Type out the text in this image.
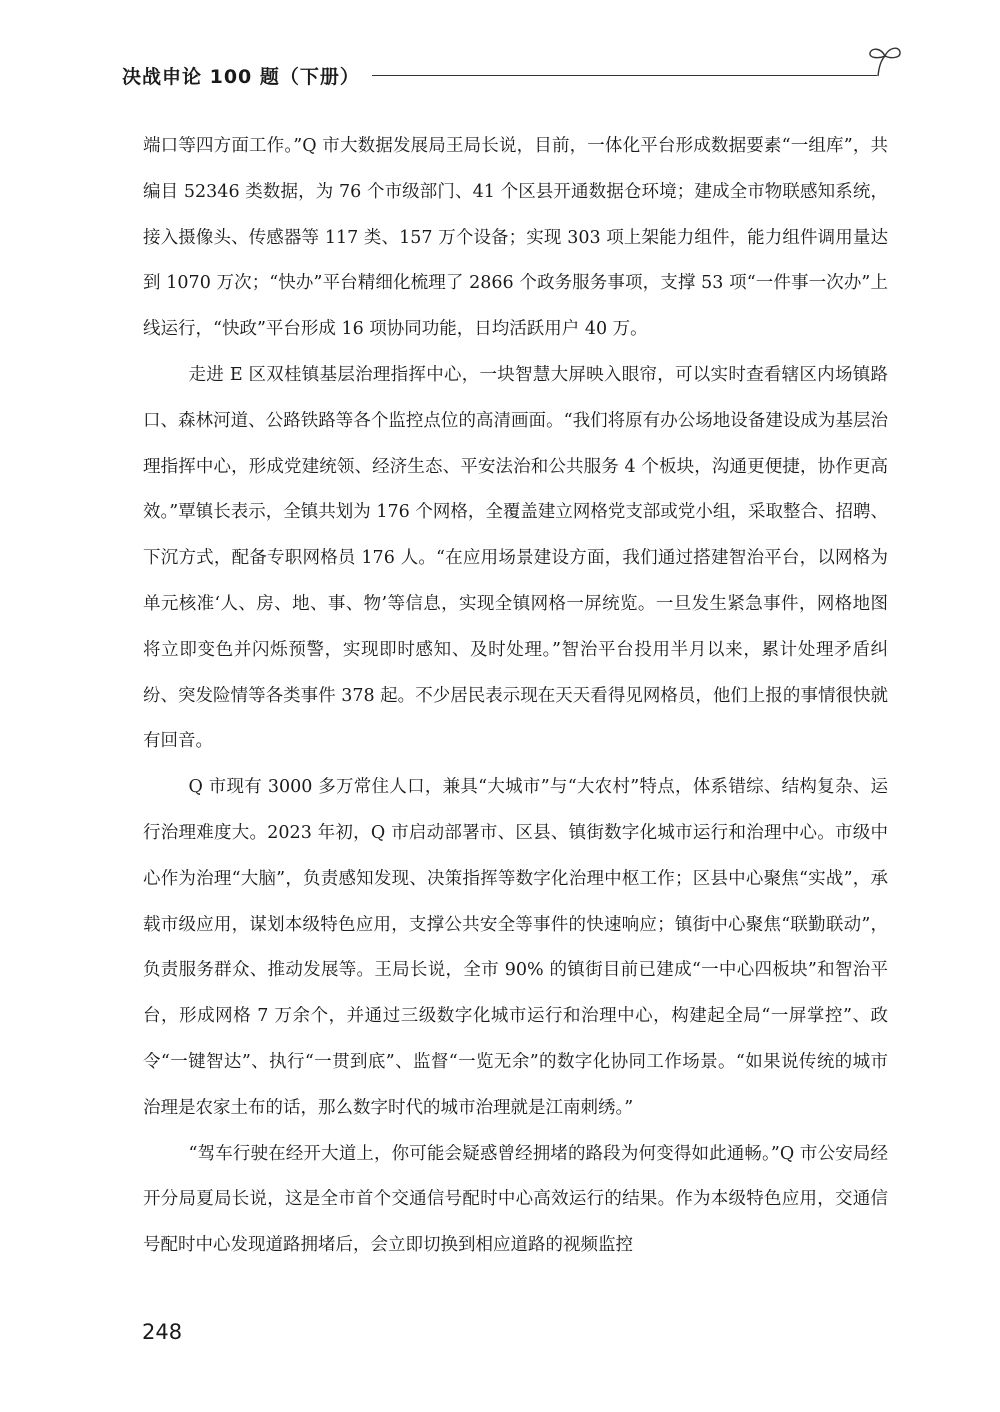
决战申论 100 题（下册）

端口等四方面工作。”Q 市大数据发展局王局长说，目前，一体化平台形成数据要素“一组库”，共编目 52346 类数据，为 76 个市级部门、41 个区县开通数据仓环境；建成全市物联感知系统，接入摄像头、传感器等 117 类、157 万个设备；实现 303 项上架能力组件，能力组件调用量达到 1070 万次；“快办”平台精细化梳理了 2866 个政务服务事项，支撑 53 项“一件事一次办”上线运行，“快政”平台形成 16 项协同功能，日均活跃用户 40 万。

走进 E 区双桂镇基层治理指挥中心，一块智慧大屏映入眼帘，可以实时查看辖区内场镇路口、森林河道、公路铁路等各个监控点位的高清画面。“我们将原有办公场地设备建设成为基层治理指挥中心，形成党建统领、经济生态、平安法治和公共服务 4 个板块，沟通更便捷，协作更高效。”覃镇长表示，全镇共划为 176 个网格，全覆盖建立网格党支部或党小组，采取整合、招聘、下沉方式，配备专职网格员 176 人。“在应用场景建设方面，我们通过搭建智治平台，以网格为单元核准‘人、房、地、事、物’等信息，实现全镇网格一屏统览。一旦发生紧急事件，网格地图将立即变色并闪烁预警，实现即时感知、及时处理。”智治平台投用半月以来，累计处理矛盾纠纷、突发险情等各类事件 378 起。不少居民表示现在天天看得见网格员，他们上报的事情很快就有回音。

Q 市现有 3000 多万常住人口，兼具“大城市”与“大农村”特点，体系错综、结构复杂、运行治理难度大。2023 年初，Q 市启动部署市、区县、镇街数字化城市运行和治理中心。市级中心作为治理“大脑”，负责感知发现、决策指挥等数字化治理中枢工作；区县中心聚焦“实战”，承载市级应用，谋划本级特色应用，支撑公共安全等事件的快速响应；镇街中心聚焦“联勤联动”，负责服务群众、推动发展等。王局长说，全市 90% 的镇街目前已建成“一中心四板块”和智治平台，形成网格 7 万余个，并通过三级数字化城市运行和治理中心，构建起全局“一屏掌控”、政令“一键智达”、执行“一贯到底”、监督“一览无余”的数字化协同工作场景。“如果说传统的城市治理是农家土布的话，那么数字时代的城市治理就是江南刺绣。”

“驾车行驶在经开大道上，你可能会疑惑曾经拥堵的路段为何变得如此通畅。”Q 市公安局经开分局夏局长说，这是全市首个交通信号配时中心高效运行的结果。作为本级特色应用，交通信号配时中心发现道路拥堵后，会立即切换到相应道路的视频监控

248
